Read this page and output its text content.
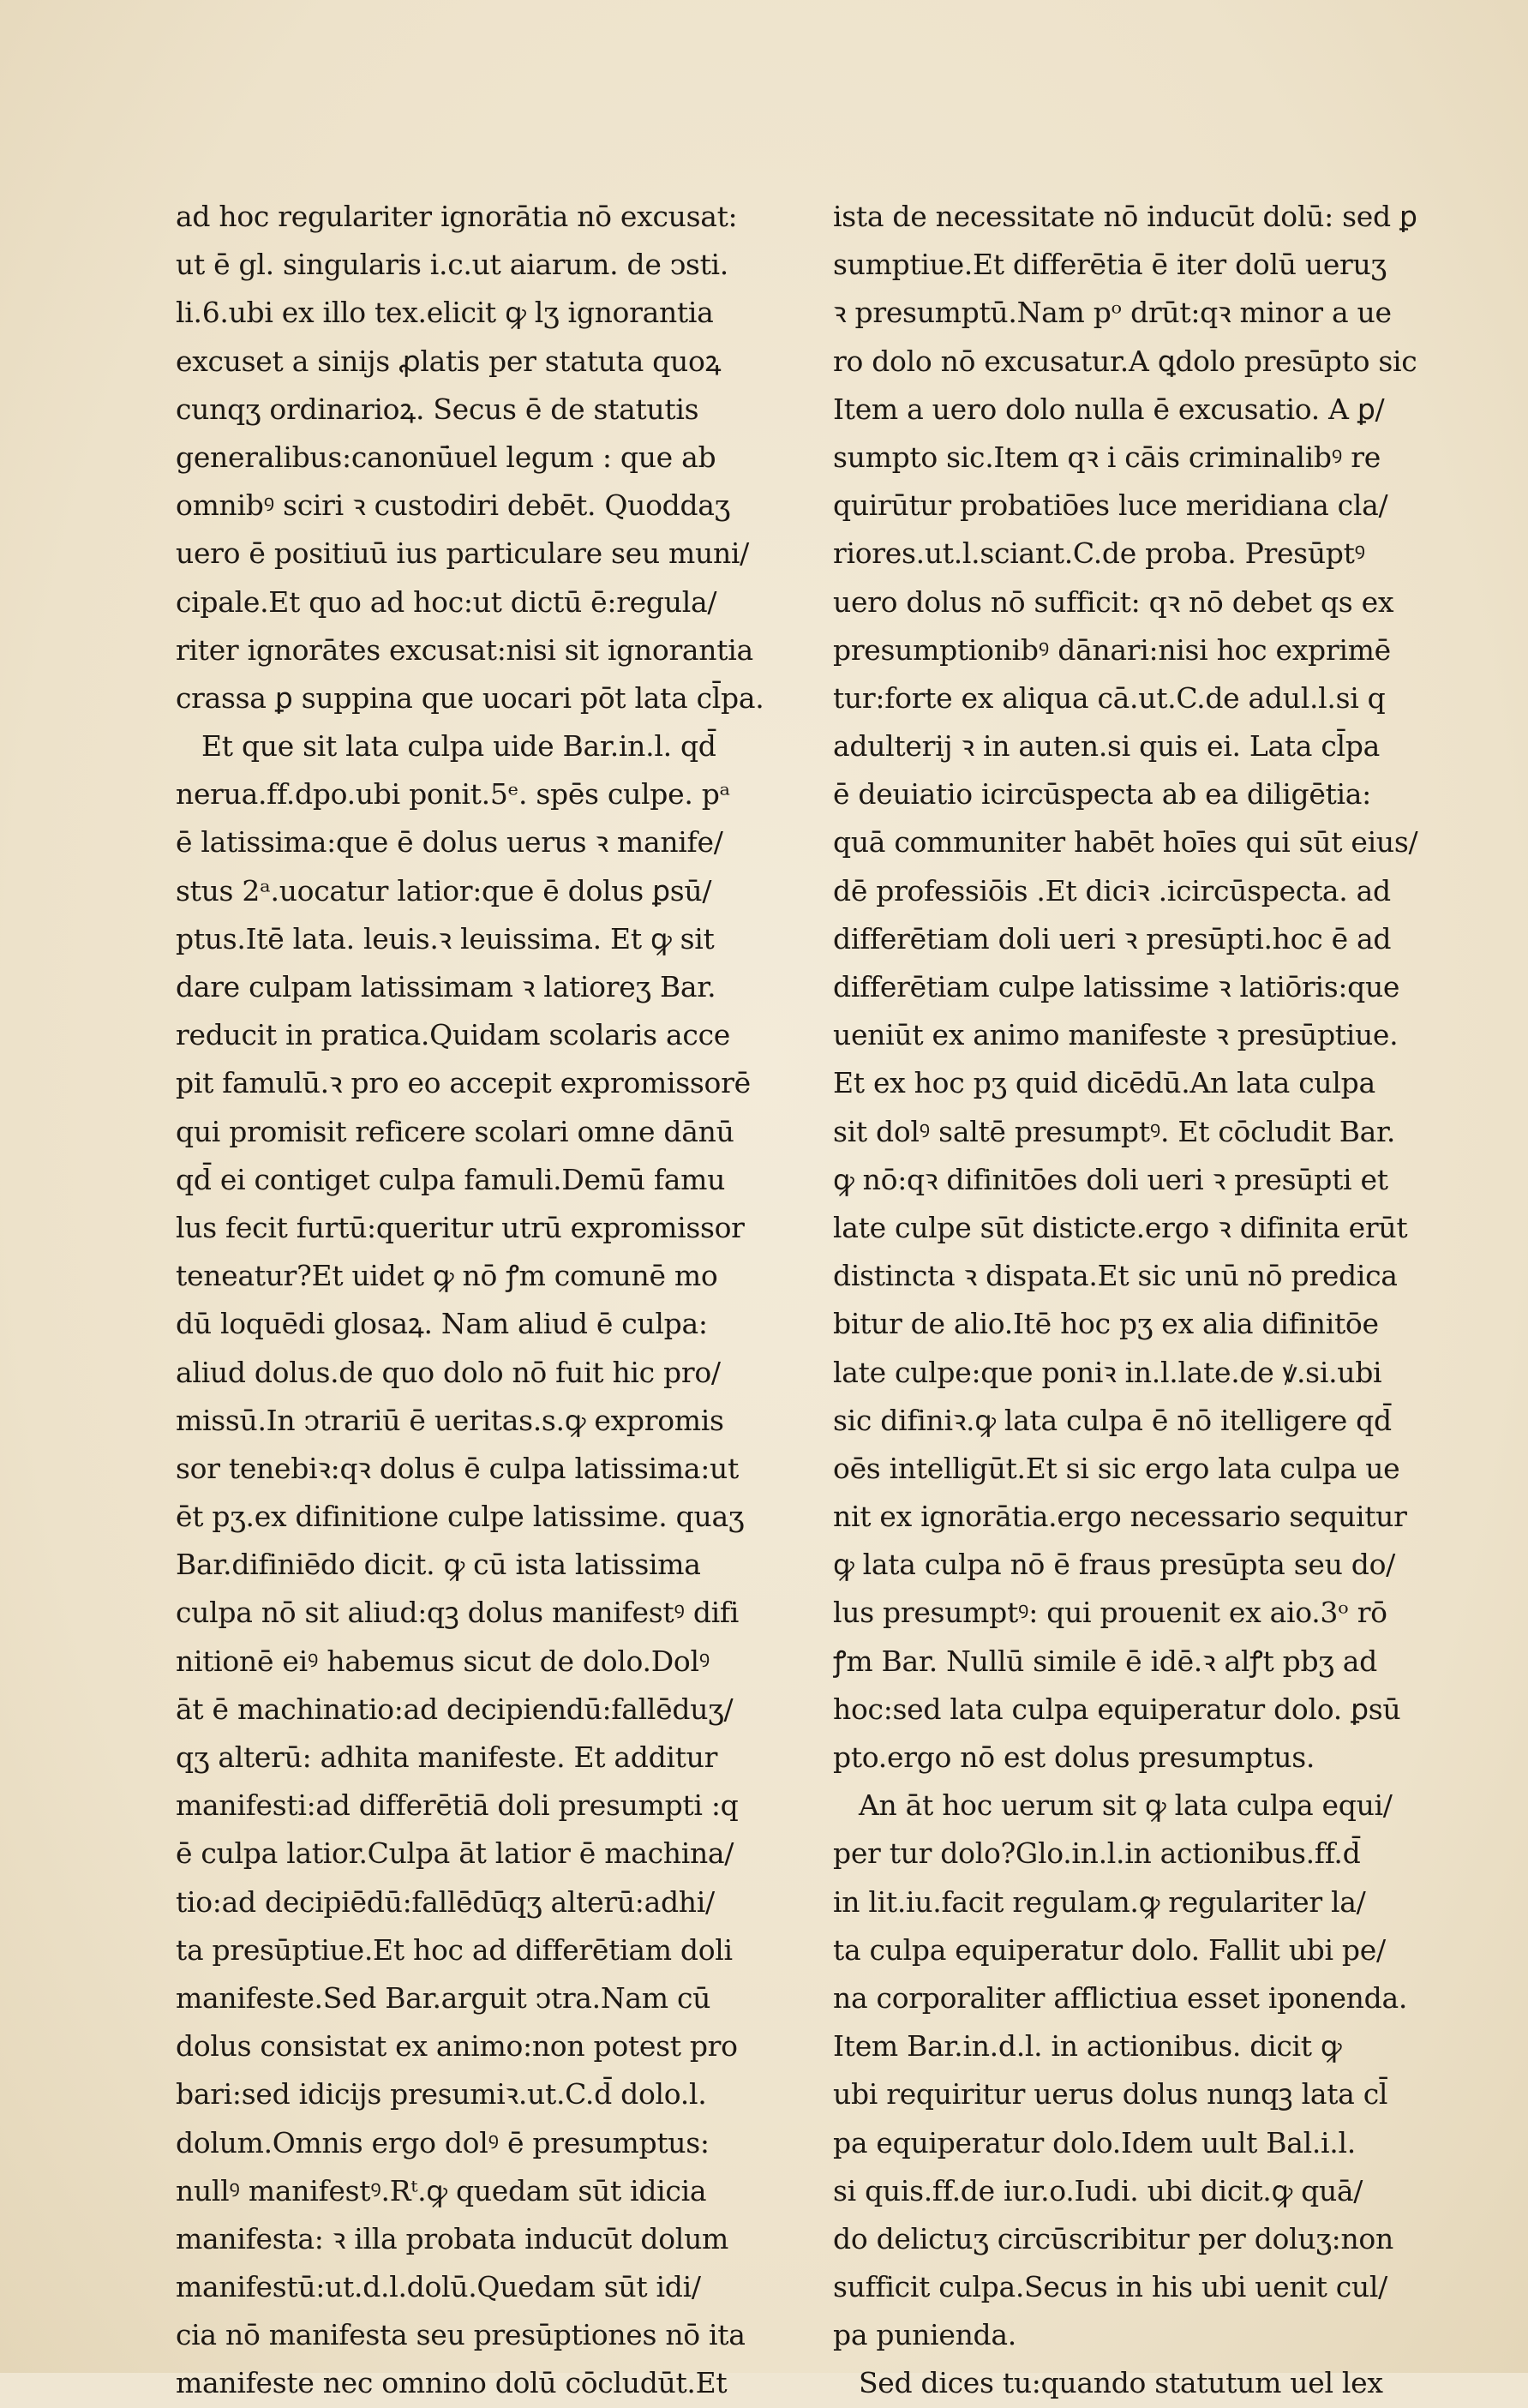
ad hoc regulariter ignorātia nō excusat:
ut ē gl. singularis i.c.ut aiarum. de ↄsti.
li.6.ubi ex illo tex.elicit ꝙ lʒ ignorantia
excuset a sinijs ꝓlatis per statuta quoꝝ
cunqʒ ordinarioꝝ. Secus ē de statutis
generalibus:canonū̇uel legum : que ab
omnibꝰ sciri ꝛ custodiri debēt. Quoddaʒ
uero ē positiuū ius particulare seu muni/
cipale.Et quo ad hoc:ut dictū ē:regula/
riter ignorātes excusat:nisi sit ignorantia
crassa ꝑ suppina que uocari pōt lata cl̄pa.
Et que sit lata culpa uide Bar.in.l. qd̄
nerua.ff.dpo.ubi ponit.5ᵉ. spēs culpe. pᵃ
ē latissima:que ē dolus uerus ꝛ manife/
stus 2ᵃ.uocatur latior:que ē dolus ꝑsū/
ptus.Itē lata. leuis.ꝛ leuissima. Et ꝙ sit
dare culpam latissimam ꝛ latioreʒ Bar.
reducit in pratica.Quidam scolaris acce
pit famulū.ꝛ pro eo accepit expromissorē
qui promisit reficere scolari omne dānū
qd̄ ei contiget culpa famuli.Demū famu
lus fecit furtū:queritur utrū expromissor
teneatur?Et uidet ꝙ nō ꝭm comunē mo
dū loquēdi glosaꝝ. Nam aliud ē culpa:
aliud dolus.de quo dolo nō fuit hic pro/
missū.In ↄtrariū ē ueritas.s.ꝙ expromis
sor tenebiꝛ:qꝛ dolus ē culpa latissima:ut
ēt pʒ.ex difinitione culpe latissime. quaʒ
Bar.difiniēdo dicit. ꝙ cū ista latissima
culpa nō sit aliud:qꝫ dolus manifestꝰ difi
nitionē eiꝰ habemus sicut de dolo.Dolꝰ
āt ē machinatio:ad decipiendū:fallēduʒ/
qʒ alterū: adhita manifeste. Et additur
manifesti:ad differētiā doli presumpti :q
ē culpa latior.Culpa āt latior ē machina/
tio:ad decipiēdū:fallēdūqʒ alterū:adhi/
ta presūptiue.Et hoc ad differētiam doli
manifeste.Sed Bar.arguit ↄtra.Nam cū
dolus consistat ex animo:non potest pro
bari:sed idicijs presumiꝛ.ut.C.d̄ dolo.l.
dolum.Omnis ergo dolꝰ ē presumptus:
nullꝰ manifestꝰ.Rᵗ.ꝙ quedam sūt idicia
manifesta: ꝛ illa probata inducūt dolum
manifestū:ut.d.l.dolū.Quedam sūt idi/
cia nō manifesta seu presūptiones nō ita
manifeste nec omnino dolū cōcludūt.Et
ista de necessitate nō inducūt dolū: sed ꝑ
sumptiue.Et differētia ē iter dolū ueruʒ
ꝛ presumptū.Nam pᵒ drūt:qꝛ minor a ue
ro dolo nō excusatur.A ꝗdolo presūpto sic
Item a uero dolo nulla ē excusatio. A ꝑ/
sumpto sic.Item qꝛ i cāis criminalibꝰ re
quirūtur probatiōes luce meridiana cla/
riores.ut.l.sciant.C.de proba. Presūptꝰ
uero dolus nō sufficit: qꝛ nō debet qs ex
presumptionibꝰ dānari:nisi hoc exprimē
tur:forte ex aliqua cā.ut.C.de adul.l.si q
adulterij ꝛ in auten.si quis ei. Lata cl̄pa
ē deuiatio icircūspecta ab ea diligētia:
quā communiter habēt hoīes qui sūt eius/
dē professiōis .Et diciꝛ .icircūspecta. ad
differētiam doli ueri ꝛ presūpti.hoc ē ad
differētiam culpe latissime ꝛ latiōris:que
ueniūt ex animo manifeste ꝛ presūptiue.
Et ex hoc pʒ quid dicēdū.An lata culpa
sit dolꝰ saltē presumptꝰ. Et cōcludit Bar.
ꝙ nō:qꝛ difinitōes doli ueri ꝛ presūpti et
late culpe sūt disticte.ergo ꝛ difinita erūt
distincta ꝛ dispata.Et sic unū nō predica
bitur de alio.Itē hoc pʒ ex alia difinitōe
late culpe:que poniꝛ in.l.late.de ꝟ.si.ubi
sic difiniꝛ.ꝙ lata culpa ē nō itelligere qd̄
oēs intelligūt.Et si sic ergo lata culpa ue
nit ex ignorātia.ergo necessario sequitur
ꝙ lata culpa nō ē fraus presūpta seu do/
lus presumptꝰ: qui prouenit ex aio.3ᵒ rō
ꝭm Bar. Nullū simile ē idē.ꝛ alꝭt pbʒ ad
hoc:sed lata culpa equiperatur dolo. ꝑsū
pto.ergo nō est dolus presumptus.
An āt hoc uerum sit ꝙ lata culpa equi/
per tur dolo?Glo.in.l.in actionibus.ff.d̄
in lit.iu.facit regulam.ꝙ regulariter la/
ta culpa equiperatur dolo. Fallit ubi pe/
na corporaliter afflictiua esset iponenda.
Item Bar.in.d.l. in actionibus. dicit ꝙ
ubi requiritur uerus dolus nunqꝫ lata cl̄
pa equiperatur dolo.Idem uult Bal.i.l.
si quis.ff.de iur.o.Iudi. ubi dicit.ꝙ quā/
do delictuʒ circūscribitur per doluʒ:non
sufficit culpa.Secus in his ubi uenit cul/
pa punienda.
Sed dices tu:quando statutum uel lex
